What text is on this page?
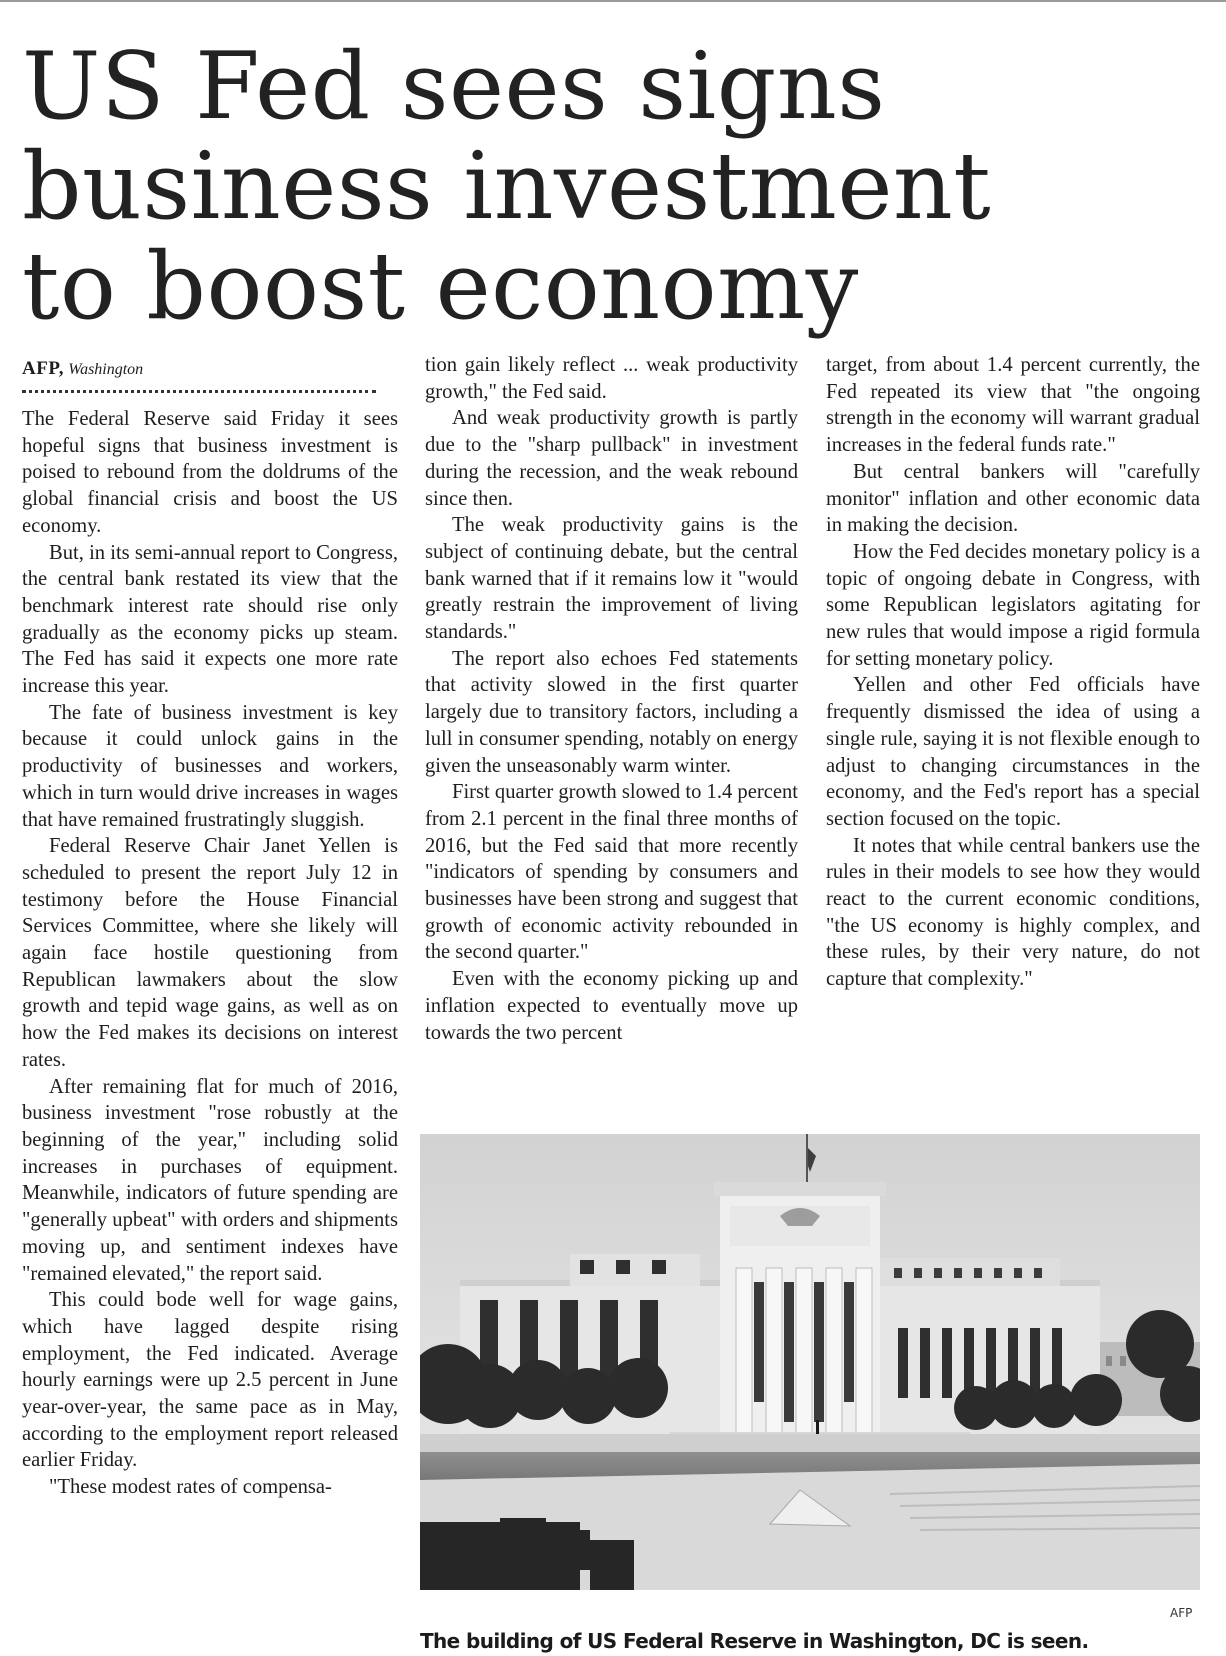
US Fed sees signs
business investment
to boost economy
AFP, Washington

The Federal Reserve said Friday it sees hopeful signs that business investment is poised to rebound from the doldrums of the global financial crisis and boost the US economy.

But, in its semi-annual report to Congress, the central bank restated its view that the benchmark interest rate should rise only gradually as the economy picks up steam. The Fed has said it expects one more rate increase this year.

The fate of business investment is key because it could unlock gains in the productivity of businesses and workers, which in turn would drive increases in wages that have remained frustratingly sluggish.

Federal Reserve Chair Janet Yellen is scheduled to present the report July 12 in testimony before the House Financial Services Committee, where she likely will again face hostile questioning from Republican lawmakers about the slow growth and tepid wage gains, as well as on how the Fed makes its decisions on interest rates.

After remaining flat for much of 2016, business investment "rose robustly at the beginning of the year," including solid increases in purchases of equipment. Meanwhile, indicators of future spending are "generally upbeat" with orders and shipments moving up, and sentiment indexes have "remained elevated," the report said.

This could bode well for wage gains, which have lagged despite rising employment, the Fed indicated. Average hourly earnings were up 2.5 percent in June year-over-year, the same pace as in May, according to the employment report released earlier Friday.

"These modest rates of compensa-

tion gain likely reflect ... weak productivity growth," the Fed said.

And weak productivity growth is partly due to the "sharp pullback" in investment during the recession, and the weak rebound since then.

The weak productivity gains is the subject of continuing debate, but the central bank warned that if it remains low it "would greatly restrain the improvement of living standards."

The report also echoes Fed statements that activity slowed in the first quarter largely due to transitory factors, including a lull in consumer spending, notably on energy given the unseasonably warm winter.

First quarter growth slowed to 1.4 percent from 2.1 percent in the final three months of 2016, but the Fed said that more recently "indicators of spending by consumers and businesses have been strong and suggest that growth of economic activity rebounded in the second quarter."

Even with the economy picking up and inflation expected to eventually move up towards the two percent

target, from about 1.4 percent currently, the Fed repeated its view that "the ongoing strength in the economy will warrant gradual increases in the federal funds rate."

But central bankers will "carefully monitor" inflation and other economic data in making the decision.

How the Fed decides monetary policy is a topic of ongoing debate in Congress, with some Republican legislators agitating for new rules that would impose a rigid formula for setting monetary policy.

Yellen and other Fed officials have frequently dismissed the idea of using a single rule, saying it is not flexible enough to adjust to changing circumstances in the economy, and the Fed's report has a special section focused on the topic.

It notes that while central bankers use the rules in their models to see how they would react to the current economic conditions, "the US economy is highly complex, and these rules, by their very nature, do not capture that complexity."

AFP
The building of US Federal Reserve in Washington, DC is seen.
